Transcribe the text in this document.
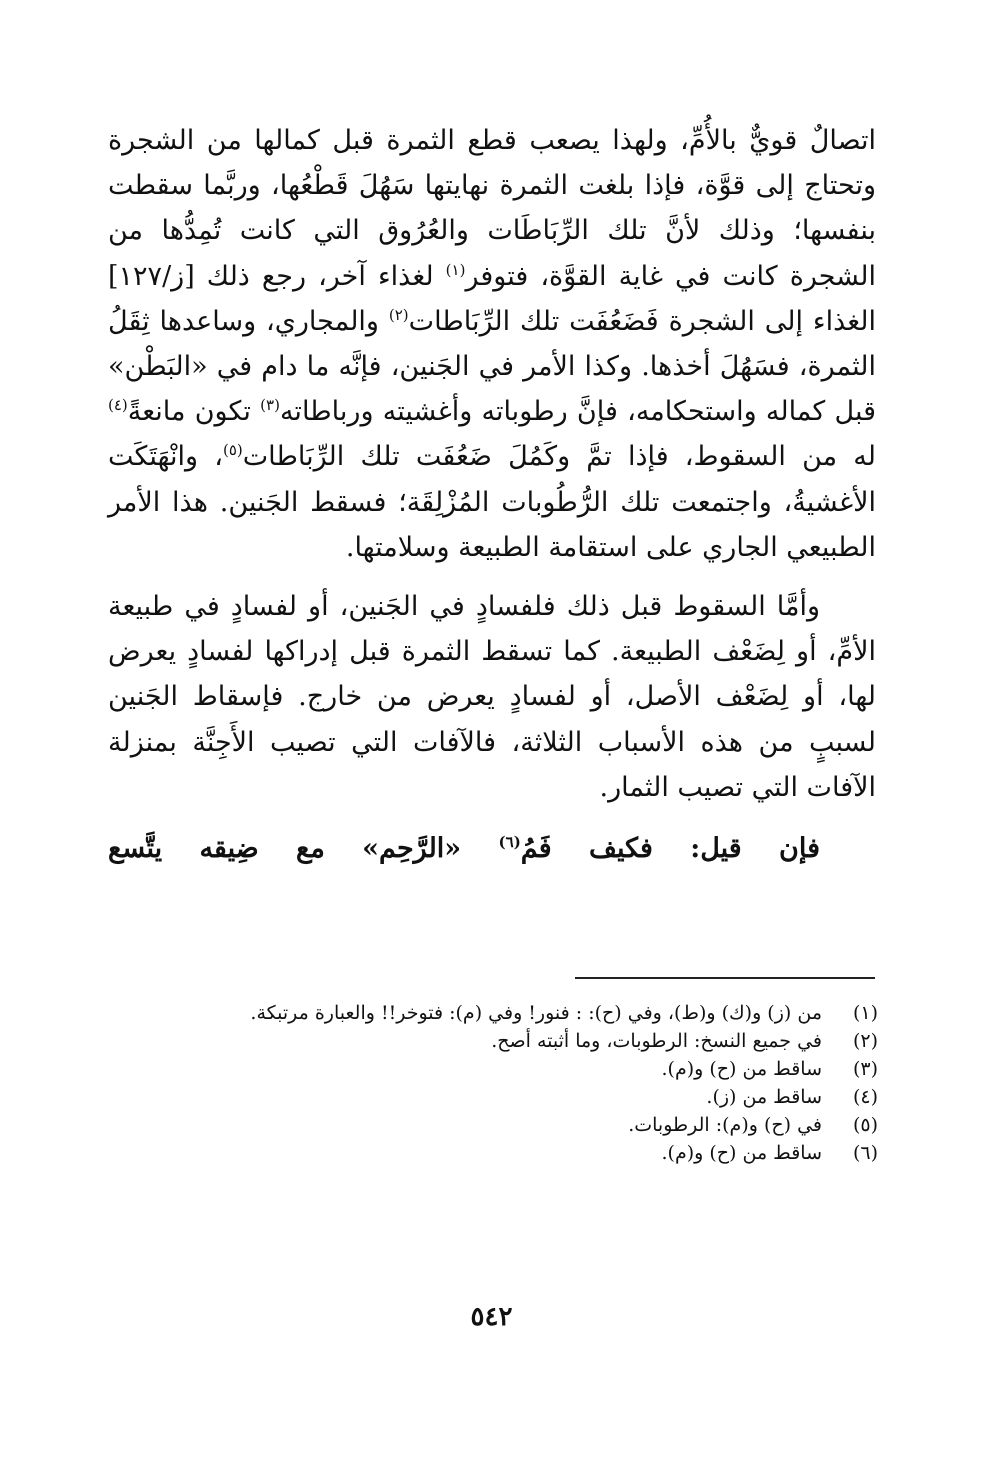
اتصالٌ قويٌّ بالأُمِّ، ولهذا يصعب قطع الثمرة قبل كمالها من الشجرة وتحتاج إلى قوَّة، فإذا بلغت الثمرة نهايتها سَهُلَ قَطْعُها، وربَّما سقطت بنفسها؛ وذلك لأنَّ تلك الرِّبَاطَات والعُرُوق التي كانت تُمِدُّها من الشجرة كانت في غاية القوَّة، فتوفر$^{(١)}$ لغذاء آخر، رجع ذلك [ز/١٢٧] الغذاء إلى الشجرة فَضَعُفَت تلك الرِّبَاطات$^{(٢)}$ والمجاري، وساعدها ثِقَلُ الثمرة، فسَهُلَ أخذها. وكذا الأمر في الجَنين، فإنَّه ما دام في «البَطْن» قبل كماله واستحكامه، فإنَّ رطوباته وأغشيته ورباطاته$^{(٣)}$ تكون مانعةً$^{(٤)}$ له من السقوط، فإذا تمَّ وكَمُلَ ضَعُفَت تلك الرِّبَاطات$^{(٥)}$، وانْهَتَكَت الأغشيةُ، واجتمعت تلك الرُّطُوبات المُزْلِقَة؛ فسقط الجَنين. هذا الأمر الطبيعي الجاري على استقامة الطبيعة وسلامتها.

وأمَّا السقوط قبل ذلك فلفسادٍ في الجَنين، أو لفسادٍ في طبيعة الأمِّ، أو لِضَعْف الطبيعة. كما تسقط الثمرة قبل إدراكها لفسادٍ يعرض لها، أو لِضَعْف الأصل، أو لفسادٍ يعرض من خارج. فإسقاط الجَنين لسببٍ من هذه الأسباب الثلاثة، فالآفات التي تصيب الأَجِنَّة بمنزلة الآفات التي تصيب الثمار.

فإن قيل: فكيف فَمُ$^{(٦)}$ «الرَّحِم» مع ضِيقه يتَّسع

(١)
من (ز) و(ك) و(ط)، وفي (ح): : فنور! وفي (م): فتوخر!! والعبارة مرتبكة.
(٢)
في جميع النسخ: الرطوبات، وما أثبته أصح.
(٣)
ساقط من (ح) و(م).
(٤)
ساقط من (ز).
(٥)
في (ح) و(م): الرطوبات.
(٦)
ساقط من (ح) و(م).
٥٤٢
